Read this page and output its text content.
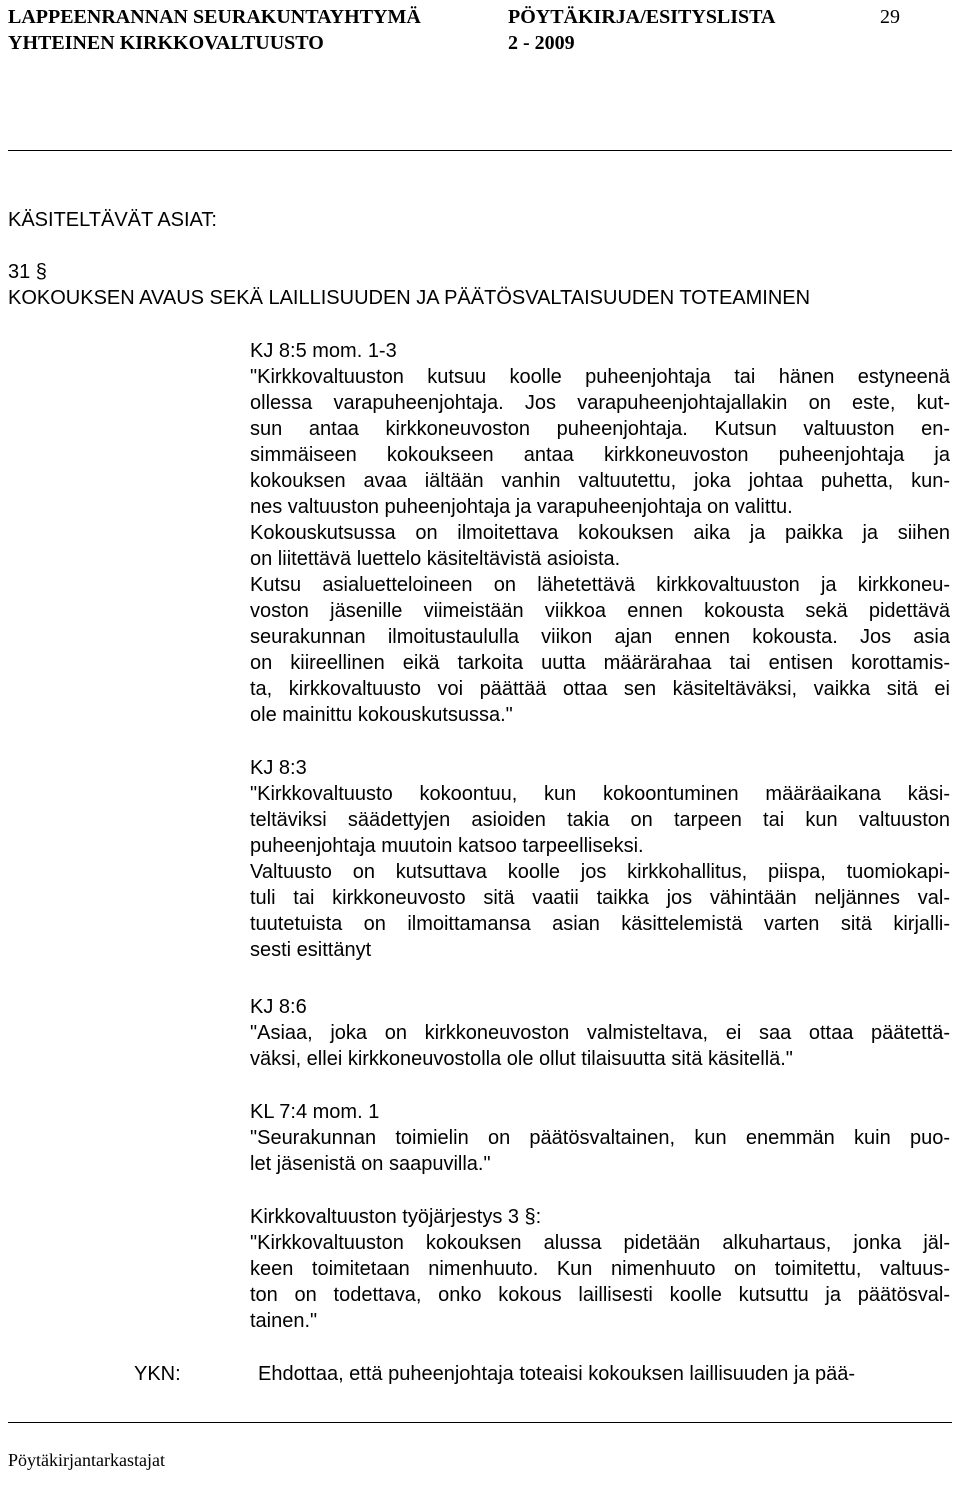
LAPPEENRANNAN SEURAKUNTAYHTYMÄ
YHTEINEN KIRKKOVALTUUSTO
PÖYTÄKIRJA/ESITYSLISTA
2 - 2009
29
KÄSITELTÄVÄT ASIAT:
31 §
KOKOUKSEN AVAUS SEKÄ LAILLISUUDEN JA PÄÄTÖSVALTAISUUDEN TOTEAMINEN
KJ 8:5 mom. 1-3
"Kirkkovaltuuston kutsuu koolle puheenjohtaja tai hänen estyneenä
ollessa varapuheenjohtaja. Jos varapuheenjohtajallakin on este, kut-
sun antaa kirkkoneuvoston puheenjohtaja. Kutsun valtuuston en-
simmäiseen kokoukseen antaa kirkkoneuvoston puheenjohtaja ja
kokouksen avaa iältään vanhin valtuutettu, joka johtaa puhetta, kun-
nes valtuuston puheenjohtaja ja varapuheenjohtaja on valittu.
Kokouskutsussa on ilmoitettava kokouksen aika ja paikka ja siihen
on liitettävä luettelo käsiteltävistä asioista.
Kutsu asialuetteloineen on lähetettävä kirkkovaltuuston ja kirkkoneu-
voston jäsenille viimeistään viikkoa ennen kokousta sekä pidettävä
seurakunnan ilmoitustaululla viikon ajan ennen kokousta. Jos asia
on kiireellinen eikä tarkoita uutta määrärahaa tai entisen korottamis-
ta, kirkkovaltuusto voi päättää ottaa sen käsiteltäväksi, vaikka sitä ei
ole mainittu kokouskutsussa."
KJ 8:3
"Kirkkovaltuusto kokoontuu, kun kokoontuminen määräaikana käsi-
teltäviksi säädettyjen asioiden takia on tarpeen tai kun valtuuston
puheenjohtaja muutoin katsoo tarpeelliseksi.
Valtuusto on kutsuttava koolle jos kirkkohallitus, piispa, tuomiokapi-
tuli tai kirkkoneuvosto sitä vaatii taikka jos vähintään neljännes val-
tuutetuista on ilmoittamansa asian käsittelemistä varten sitä kirjalli-
sesti esittänyt
KJ 8:6
"Asiaa, joka on kirkkoneuvoston valmisteltava, ei saa ottaa päätettä-
väksi, ellei kirkkoneuvostolla ole ollut tilaisuutta sitä käsitellä."
KL 7:4 mom. 1
"Seurakunnan toimielin on päätösvaltainen, kun enemmän kuin puo-
let jäsenistä on saapuvilla."
Kirkkovaltuuston työjärjestys 3 §:
"Kirkkovaltuuston kokouksen alussa pidetään alkuhartaus, jonka jäl-
keen toimitetaan nimenhuuto. Kun nimenhuuto on toimitettu, valtuus-
ton on todettava, onko kokous laillisesti koolle kutsuttu ja päätösval-
tainen."
YKN:	Ehdottaa, että puheenjohtaja toteaisi kokouksen laillisuuden ja pää-
Pöytäkirjantarkastajat
